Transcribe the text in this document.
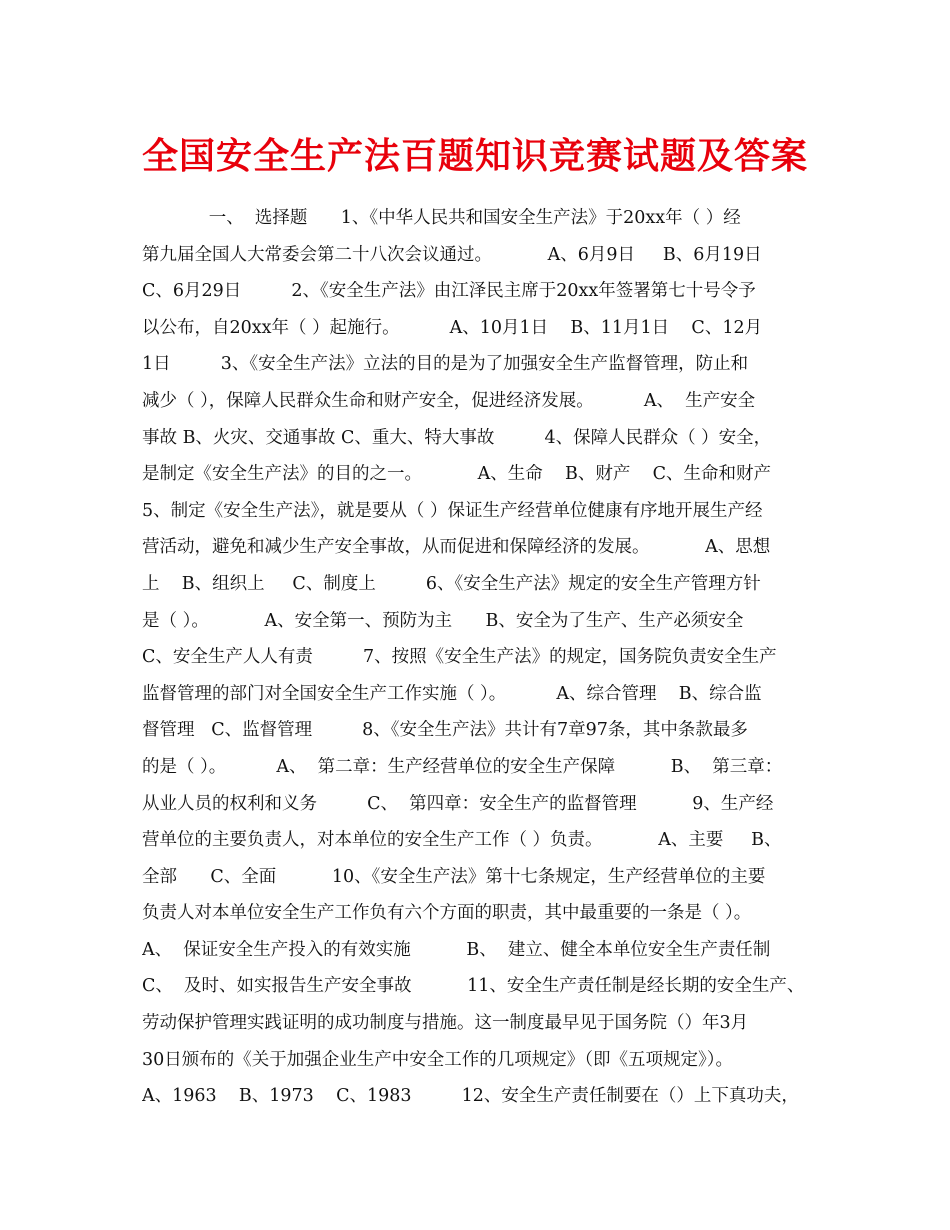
全国安全生产法百题知识竞赛试题及答案
一、  选择题      1、《中华人民共和国安全生产法》于20xx年（ ）经
第九届全国人大常委会第二十八次会议通过。          A、6月9日     B、6月19日
C、6月29日         2、《安全生产法》由江泽民主席于20xx年签署第七十号令予
以公布，自20xx年（ ）起施行。         A、10月1日    B、11月1日    C、12月
1日         3、《安全生产法》立法的目的是为了加强安全生产监督管理，防止和
减少（ ），保障人民群众生命和财产安全，促进经济发展。         A、  生产安全
事故 B、火灾、交通事故 C、重大、特大事故         4、保障人民群众（ ）安全，
是制定《安全生产法》的目的之一。          A、生命    B、财产    C、生命和财产
5、制定《安全生产法》，就是要从（ ）保证生产经营单位健康有序地开展生产经
营活动，避免和减少生产安全事故，从而促进和保障经济的发展。          A、思想
上    B、组织上     C、制度上         6、《安全生产法》规定的安全生产管理方针
是（ ）。          A、安全第一、预防为主      B、安全为了生产、生产必须安全
C、安全生产人人有责         7、按照《安全生产法》的规定，国务院负责安全生产
监督管理的部门对全国安全生产工作实施（ ）。         A、综合管理    B、综合监
督管理   C、监督管理         8、《安全生产法》共计有7章97条，其中条款最多
的是（ ）。         A、  第二章：生产经营单位的安全生产保障          B、  第三章：
从业人员的权利和义务         C、  第四章：安全生产的监督管理          9、生产经
营单位的主要负责人，对本单位的安全生产工作（ ）负责。          A、主要     B、
全部      C、全面          10、《安全生产法》第十七条规定，生产经营单位的主要
负责人对本单位安全生产工作负有六个方面的职责，其中最重要的一条是（ ）。
A、  保证安全生产投入的有效实施          B、  建立、健全本单位安全生产责任制
C、  及时、如实报告生产安全事故          11、安全生产责任制是经长期的安全生产、
劳动保护管理实践证明的成功制度与措施。这一制度最早见于国务院（）年3月
30日颁布的《关于加强企业生产中安全工作的几项规定》（即《五项规定》）。
A、1963    B、1973    C、1983         12、安全生产责任制要在（）上下真功夫，
